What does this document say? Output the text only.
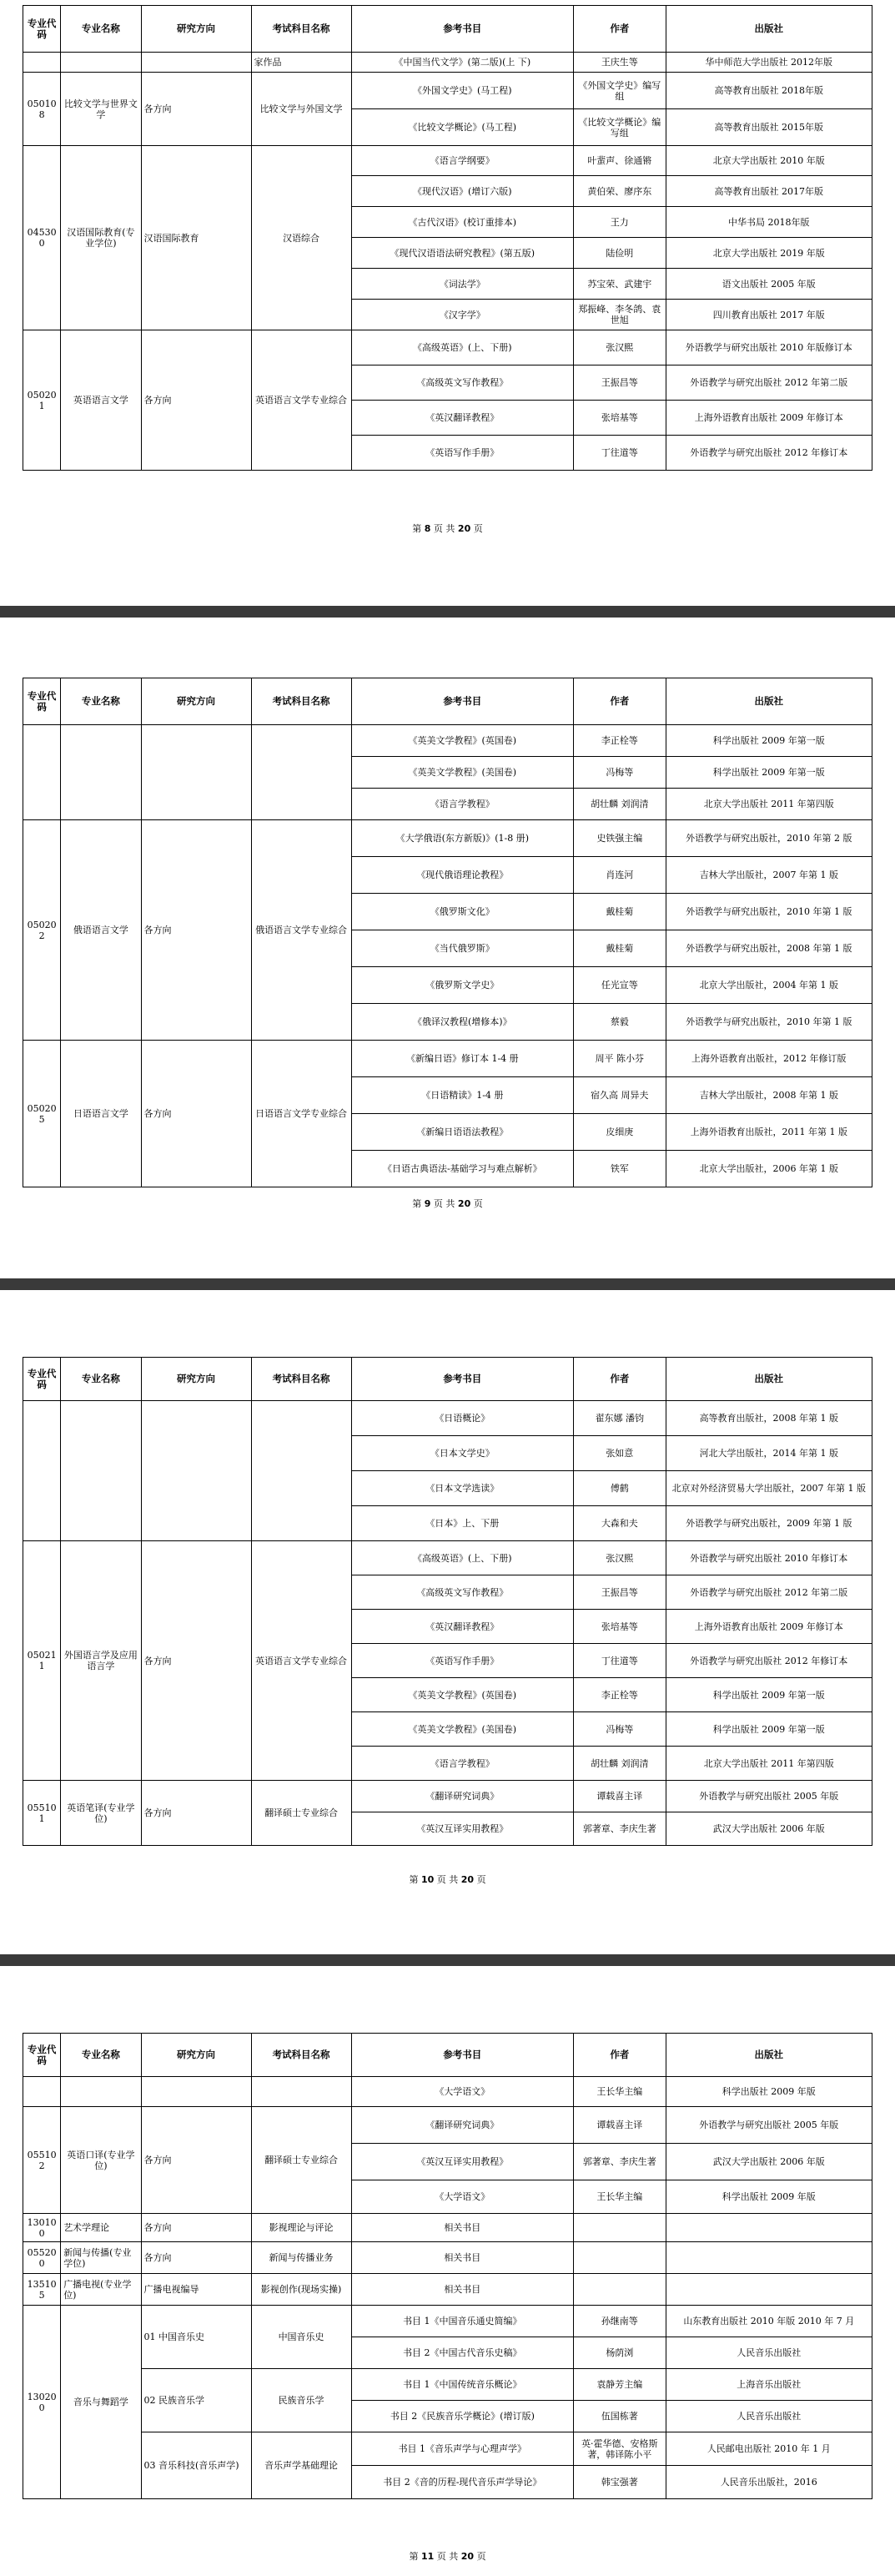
专业代码	专业名称	研究方向	考试科目名称	参考书目	作者	出版社
			家作品	《中国当代文学》(第二版)(上 下)	王庆生等	华中师范大学出版社 2012年版
050108	比较文学与世界文学	各方向	比较文学与外国文学	《外国文学史》(马工程)	《外国文学史》编写组	高等教育出版社 2018年版
				《比较文学概论》(马工程)	《比较文学概论》编写组	高等教育出版社 2015年版
045300	汉语国际教育(专业学位)	汉语国际教育	汉语综合	《语言学纲要》	叶蜚声、徐通锵	北京大学出版社 2010 年版
				《现代汉语》(增订六版)	黄伯荣、廖序东	高等教育出版社 2017年版
				《古代汉语》(校订重排本)	王力	中华书局 2018年版
				《现代汉语语法研究教程》(第五版)	陆俭明	北京大学出版社 2019 年版
				《词法学》	苏宝荣、武建宇	语文出版社 2005 年版
				《汉字学》	郑振峰、李冬鸽、袁世旭	四川教育出版社 2017 年版
050201	英语语言文学	各方向	英语语言文学专业综合	《高级英语》(上、下册)	张汉熙	外语教学与研究出版社 2010 年版修订本
				《高级英文写作教程》	王振昌等	外语教学与研究出版社 2012 年第二版
				《英汉翻译教程》	张培基等	上海外语教育出版社 2009 年修订本
				《英语写作手册》	丁往道等	外语教学与研究出版社 2012 年修订本
第 8 页 共 20 页
专业代码	专业名称	研究方向	考试科目名称	参考书目	作者	出版社
				《英美文学教程》(英国卷)	李正栓等	科学出版社 2009 年第一版
				《英美文学教程》(美国卷)	冯梅等	科学出版社 2009 年第一版
				《语言学教程》	胡壮麟 刘润清	北京大学出版社 2011 年第四版
050202	俄语语言文学	各方向	俄语语言文学专业综合	《大学俄语(东方新版)》(1-8 册)	史铁强主编	外语教学与研究出版社，2010 年第 2 版
				《现代俄语理论教程》	肖连河	吉林大学出版社，2007 年第 1 版
				《俄罗斯文化》	戴桂菊	外语教学与研究出版社，2010 年第 1 版
				《当代俄罗斯》	戴桂菊	外语教学与研究出版社，2008 年第 1 版
				《俄罗斯文学史》	任光宣等	北京大学出版社，2004 年第 1 版
				《俄译汉教程(增修本)》	蔡毅	外语教学与研究出版社，2010 年第 1 版
050205	日语语言文学	各方向	日语语言文学专业综合	《新编日语》修订本 1-4 册	周平 陈小芬	上海外语教育出版社，2012 年修订版
				《日语精读》1-4 册	宿久高 周异夫	吉林大学出版社，2008 年第 1 版
				《新编日语语法教程》	皮细庚	上海外语教育出版社，2011 年第 1 版
				《日语古典语法-基础学习与难点解析》	铁军	北京大学出版社，2006 年第 1 版
第 9 页 共 20 页
专业代码	专业名称	研究方向	考试科目名称	参考书目	作者	出版社
				《日语概论》	翟东娜 潘钧	高等教育出版社，2008 年第 1 版
				《日本文学史》	张如意	河北大学出版社，2014 年第 1 版
				《日本文学选读》	傅鹤	北京对外经济贸易大学出版社，2007 年第 1 版
				《日本》上、下册	大森和夫	外语教学与研究出版社，2009 年第 1 版
050211	外国语言学及应用语言学	各方向	英语语言文学专业综合	《高级英语》(上、下册)	张汉熙	外语教学与研究出版社 2010 年修订本
				《高级英文写作教程》	王振昌等	外语教学与研究出版社 2012 年第二版
				《英汉翻译教程》	张培基等	上海外语教育出版社 2009 年修订本
				《英语写作手册》	丁往道等	外语教学与研究出版社 2012 年修订本
				《英美文学教程》(英国卷)	李正栓等	科学出版社 2009 年第一版
				《英美文学教程》(美国卷)	冯梅等	科学出版社 2009 年第一版
				《语言学教程》	胡壮麟 刘润清	北京大学出版社 2011 年第四版
055101	英语笔译(专业学位)	各方向	翻译硕士专业综合	《翻译研究词典》	谭载喜主译	外语教学与研究出版社 2005 年版
				《英汉互译实用教程》	郭著章、李庆生著	武汉大学出版社 2006 年版
第 10 页 共 20 页
专业代码	专业名称	研究方向	考试科目名称	参考书目	作者	出版社
				《大学语文》	王长华主编	科学出版社 2009 年版
055102	英语口译(专业学位)	各方向	翻译硕士专业综合	《翻译研究词典》	谭载喜主译	外语教学与研究出版社 2005 年版
				《英汉互译实用教程》	郭著章、李庆生著	武汉大学出版社 2006 年版
				《大学语文》	王长华主编	科学出版社 2009 年版
130100	艺术学理论	各方向	影视理论与评论	相关书目		
055200	新闻与传播(专业学位)	各方向	新闻与传播业务	相关书目		
135105	广播电视(专业学位)	广播电视编导	影视创作(现场实操)	相关书目		
130200	音乐与舞蹈学	01 中国音乐史	中国音乐史	书目 1《中国音乐通史简编》	孙继南等	山东教育出版社 2010 年版 2010 年 7 月
				书目 2《中国古代音乐史稿》	杨荫浏	人民音乐出版社
		02 民族音乐学	民族音乐学	书目 1《中国传统音乐概论》	袁静芳主编	上海音乐出版社
				书目 2《民族音乐学概论》(增订版)	伍国栋著	人民音乐出版社
		03 音乐科技(音乐声学)	音乐声学基础理论	书目 1《音乐声学与心理声学》	英·霍华德、安格斯著，韩译陈小平	人民邮电出版社 2010 年 1 月
				书目 2《音的历程-现代音乐声学导论》	韩宝强著	人民音乐出版社，2016
第 11 页 共 20 页
